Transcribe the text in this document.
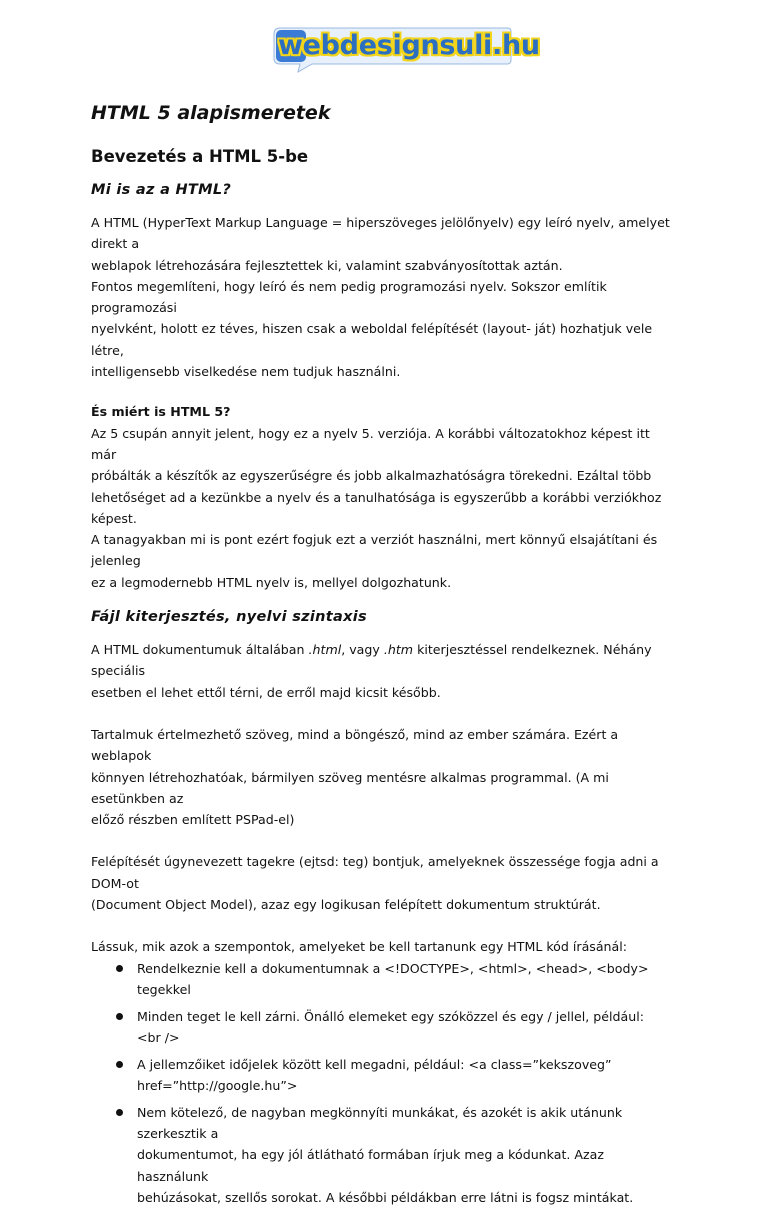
webdesignsuli.hu
HTML 5 alapismeretek
Bevezetés a HTML 5-be
Mi is az a HTML?

A HTML (HyperText Markup Language = hiperszöveges jelölőnyelv) egy leíró nyelv, amelyet direkt a

weblapok létrehozására fejlesztettek ki, valamint szabványosítottak aztán.

Fontos megemlíteni, hogy leíró és nem pedig programozási nyelv. Sokszor említik programozási

nyelvként, holott ez téves, hiszen csak a weboldal felépítését (layout- ját) hozhatjuk vele létre,

intelligensebb viselkedése nem tudjuk használni.

És miért is HTML 5?

Az 5 csupán annyit jelent, hogy ez a nyelv 5. verziója. A korábbi változatokhoz képest itt már

próbálták a készítők az egyszerűségre és jobb alkalmazhatóságra törekedni. Ezáltal több

lehetőséget ad a kezünkbe a nyelv és a tanulhatósága is egyszerűbb a korábbi verziókhoz képest.

A tanagyakban mi is pont ezért fogjuk ezt a verziót használni, mert könnyű elsajátítani és jelenleg

ez a legmodernebb HTML nyelv is, mellyel dolgozhatunk.

Fájl kiterjesztés, nyelvi szintaxis

A HTML dokumentumuk általában .html, vagy .htm kiterjesztéssel rendelkeznek. Néhány speciális

esetben el lehet ettől térni, de erről majd kicsit később.

Tartalmuk értelmezhető szöveg, mind a böngésző, mind az ember számára. Ezért a weblapok

könnyen létrehozhatóak, bármilyen szöveg mentésre alkalmas programmal. (A mi esetünkben az

előző részben említett PSPad-el)

Felépítését úgynevezett tagekre (ejtsd: teg) bontjuk, amelyeknek összessége fogja adni a DOM-ot

(Document Object Model), azaz egy logikusan felépített dokumentum struktúrát.

Lássuk, mik azok a szempontok, amelyeket be kell tartanunk egy HTML kód írásánál:

Rendelkeznie kell a dokumentumnak a <!DOCTYPE>, <html>, <head>, <body> tegekkel
Minden teget le kell zárni. Önálló elemeket egy szóközzel és egy / jellel, például: <br />
A jellemzőiket időjelek között kell megadni, például: <a class=”kekszoveg”
href=”http://google.hu”>
Nem kötelező, de nagyban megkönnyíti munkákat, és azokét is akik utánunk szerkesztik a
dokumentumot, ha egy jól átlátható formában írjuk meg a kódunkat. Azaz használunk
behúzásokat, szellős sorokat. A későbbi példákban erre látni is fogsz mintákat.
